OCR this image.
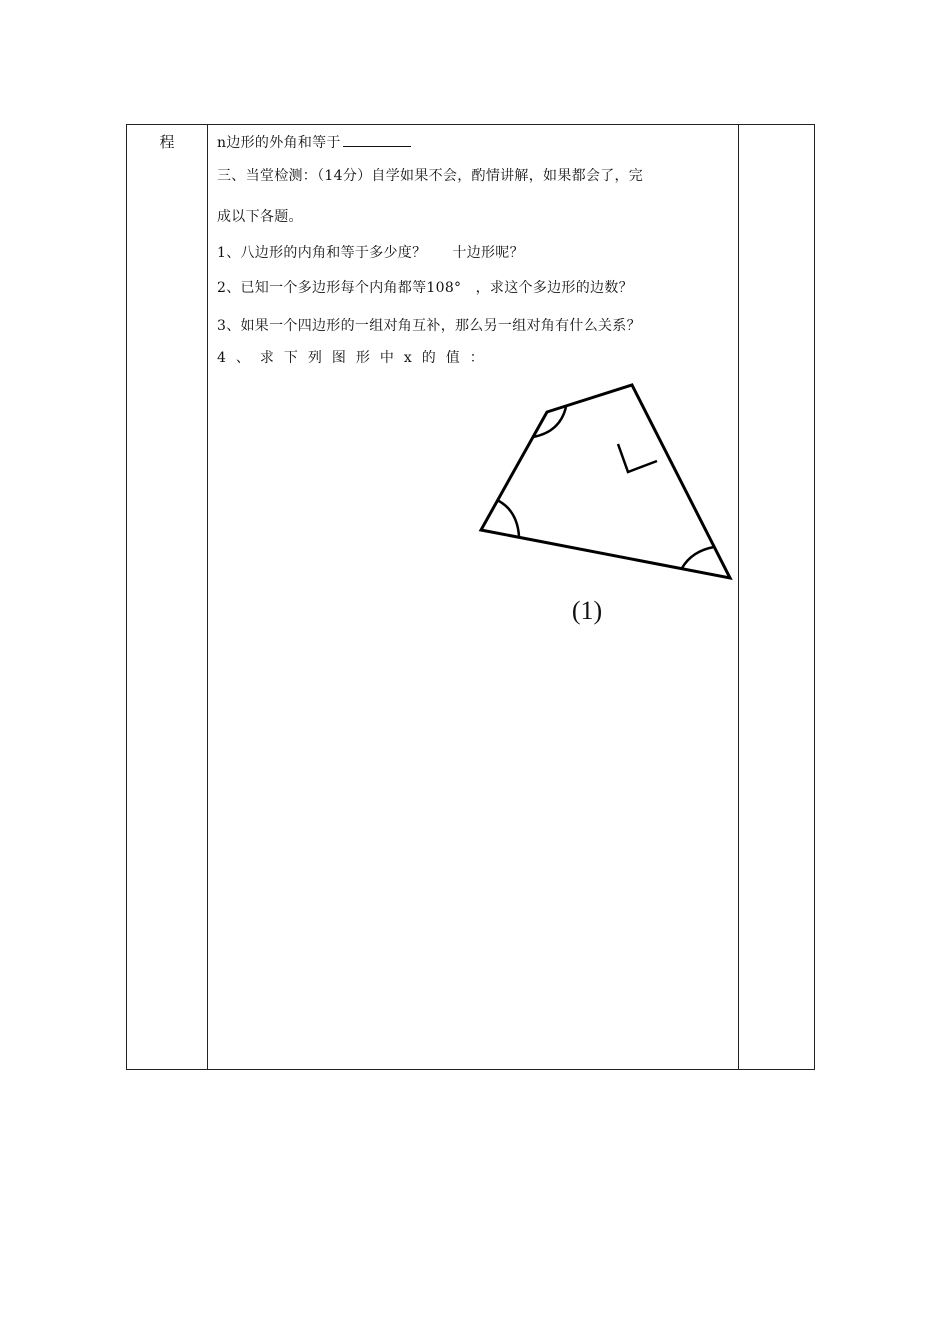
程	n边形的外角和等于
三、当堂检测：（14分）自学如果不会，酌情讲解，如果都会了，完
成以下各题。
1、八边形的内角和等于多少度？ 十边形呢？
2、已知一个多边形每个内角都等108°　，求这个多边形的边数？
3、如果一个四边形的一组对角互补，那么另一组对角有什么关系？
4、求下列图形中x的值：
(1)
